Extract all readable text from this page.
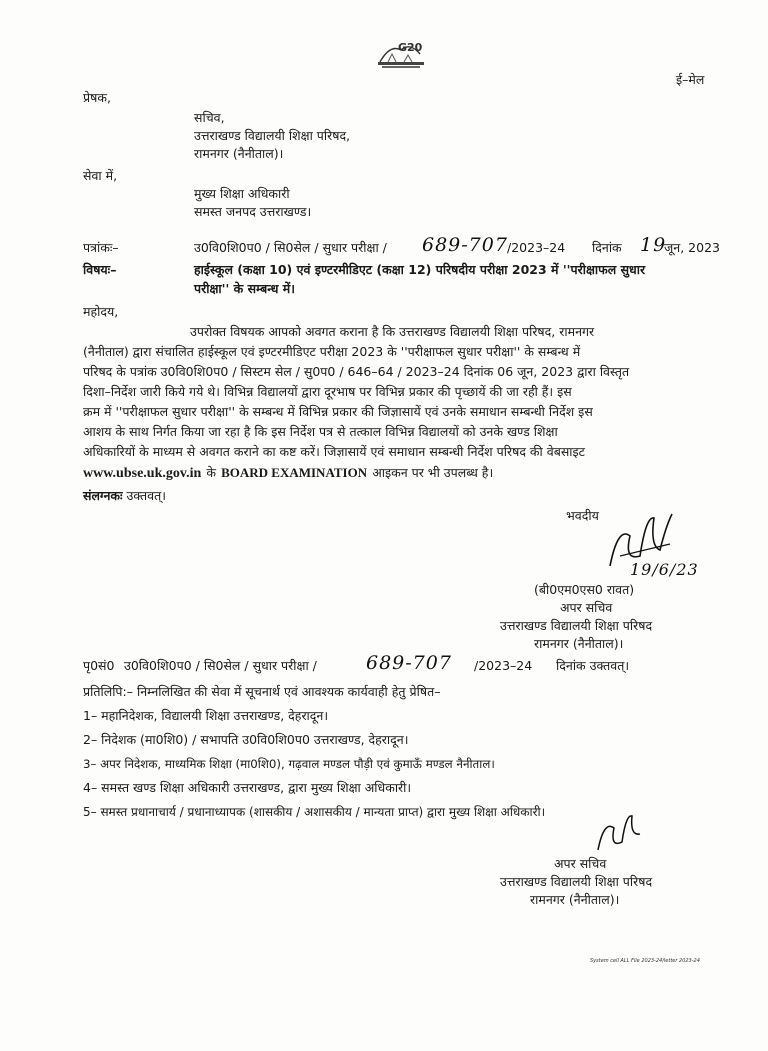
G20
ई–मेल
प्रेषक,
सचिव,
उत्तराखण्ड विद्यालयी शिक्षा परिषद,
रामनगर (नैनीताल)।
सेवा में,
मुख्य शिक्षा अधिकारी
समस्त जनपद उत्तराखण्ड।
पत्रांकः–	उ0वि0शि0प0 / सि0सेल / सुधार परीक्षा / 689-707 /2023–24 दिनांक 19
जून, 2023
विषयः–	हाईस्कूल (कक्षा 10) एवं इण्टरमीडिएट (कक्षा 12) परिषदीय परीक्षा 2023 में ''परीक्षाफल सुधार
परीक्षा'' के सम्बन्ध में।
महोदय,
उपरोक्त विषयक आपको अवगत कराना है कि उत्तराखण्ड विद्यालयी शिक्षा परिषद, रामनगर
(नैनीताल) द्वारा संचालित हाईस्कूल एवं इण्टरमीडिएट परीक्षा 2023 के ''परीक्षाफल सुधार परीक्षा'' के सम्बन्ध में
परिषद के पत्रांक उ0वि0शि0प0 / सिस्टम सेल / सु0प0 / 646–64 / 2023–24 दिनांक 06 जून, 2023 द्वारा विस्तृत
दिशा–निर्देश जारी किये गये थे। विभिन्न विद्यालयों द्वारा दूरभाष पर विभिन्न प्रकार की पृच्छायें की जा रही हैं। इस
क्रम में ''परीक्षाफल सुधार परीक्षा'' के सम्बन्ध में विभिन्न प्रकार की जिज्ञासायें एवं उनके समाधान सम्बन्धी निर्देश इस
आशय के साथ निर्गत किया जा रहा है कि इस निर्देश पत्र से तत्काल विभिन्न विद्यालयों को उनके खण्ड शिक्षा
अधिकारियों के माध्यम से अवगत कराने का कष्ट करें। जिज्ञासायें एवं समाधान सम्बन्धी निर्देश परिषद की वेबसाइट
www.ubse.uk.gov.in के BOARD EXAMINATION आइकन पर भी उपलब्ध है।
संलग्नकः उक्तवत्।
भवदीय
19/6/23
(बी0एम0एस0 रावत)
अपर सचिव
उत्तराखण्ड विद्यालयी शिक्षा परिषद
रामनगर (नैनीताल)।
पृ0सं0 उ0वि0शि0प0 / सि0सेल / सुधार परीक्षा /	689-707 /2023–24 दिनांक उक्तवत्।
प्रतिलिपि:– निम्नलिखित की सेवा में सूचनार्थ एवं आवश्यक कार्यवाही हेतु प्रेषित–
1– महानिदेशक, विद्यालयी शिक्षा उत्तराखण्ड, देहरादून।
2– निदेशक (मा0शि0) / सभापति उ0वि0शि0प0 उत्तराखण्ड, देहरादून।
3– अपर निदेशक, माध्यमिक शिक्षा (मा0शि0), गढ़वाल मण्डल पौड़ी एवं कुमाऊँ मण्डल नैनीताल।
4– समस्त खण्ड शिक्षा अधिकारी उत्तराखण्ड, द्वारा मुख्य शिक्षा अधिकारी।
5– समस्त प्रधानाचार्य / प्रधानाध्यापक (शासकीय / अशासकीय / मान्यता प्राप्त) द्वारा मुख्य शिक्षा अधिकारी।
अपर सचिव
उत्तराखण्ड विद्यालयी शिक्षा परिषद
रामनगर (नैनीताल)।
System cell ALL File 2023-24/letter 2023-24
